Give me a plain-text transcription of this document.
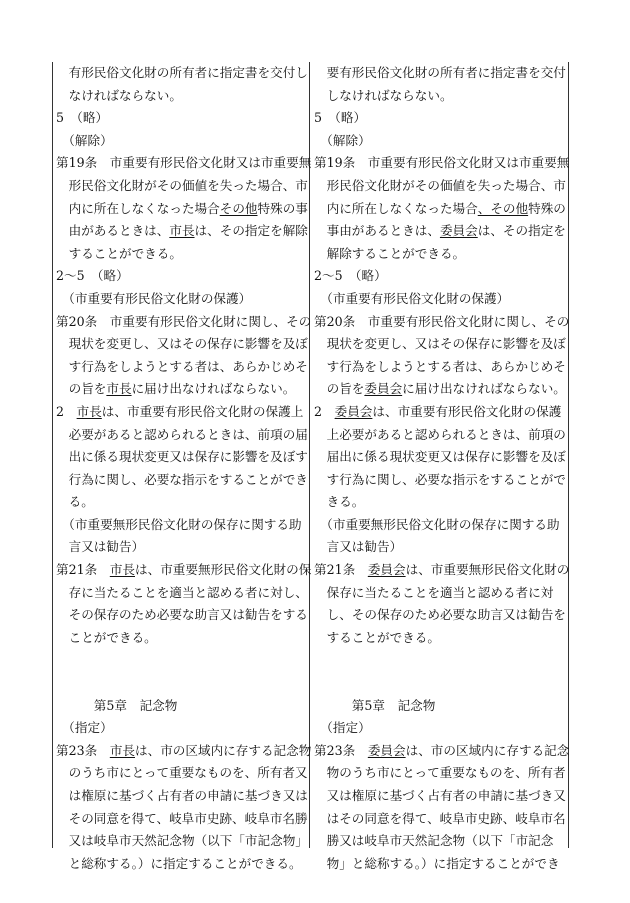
　有形民俗文化財の所有者に指定書を交付し
　なければならない。
5　（略）
　（解除）
第19条　市重要有形民俗文化財又は市重要無
　形民俗文化財がその価値を失った場合、市
　内に所在しなくなった場合その他特殊の事
　由があるときは、市長は、その指定を解除
　することができる。
2～5　（略）
　（市重要有形民俗文化財の保護）
第20条　市重要有形民俗文化財に関し、その
　現状を変更し、又はその保存に影響を及ぼ
　す行為をしようとする者は、あらかじめそ
　の旨を市長に届け出なければならない。
2　市長は、市重要有形民俗文化財の保護上
　必要があると認められるときは、前項の届
　出に係る現状変更又は保存に影響を及ぼす
　行為に関し、必要な指示をすることができ
　る。
　（市重要無形民俗文化財の保存に関する助
　言又は勧告）
第21条　市長は、市重要無形民俗文化財の保
　存に当たることを適当と認める者に対し、
　その保存のため必要な助言又は勧告をする
　ことができる。
　　　第5章　記念物
　（指定）
第23条　市長は、市の区域内に存する記念物
　のうち市にとって重要なものを、所有者又
　は権原に基づく占有者の申請に基づき又は
　その同意を得て、岐阜市史跡、岐阜市名勝
　又は岐阜市天然記念物（以下「市記念物」
　と総称する。）に指定することができる。
　要有形民俗文化財の所有者に指定書を交付
　しなければならない。
5　（略）
　（解除）
第19条　市重要有形民俗文化財又は市重要無
　形民俗文化財がその価値を失った場合、市
　内に所在しなくなった場合、その他特殊の
　事由があるときは、委員会は、その指定を
　解除することができる。
2～5　（略）
　（市重要有形民俗文化財の保護）
第20条　市重要有形民俗文化財に関し、その
　現状を変更し、又はその保存に影響を及ぼ
　す行為をしようとする者は、あらかじめそ
　の旨を委員会に届け出なければならない。
2　委員会は、市重要有形民俗文化財の保護
　上必要があると認められるときは、前項の
　届出に係る現状変更又は保存に影響を及ぼ
　す行為に関し、必要な指示をすることがで
　きる。
　（市重要無形民俗文化財の保存に関する助
　言又は勧告）
第21条　委員会は、市重要無形民俗文化財の
　保存に当たることを適当と認める者に対
　し、その保存のため必要な助言又は勧告を
　することができる。
　　　第5章　記念物
　（指定）
第23条　委員会は、市の区域内に存する記念
　物のうち市にとって重要なものを、所有者
　又は権原に基づく占有者の申請に基づき又
　はその同意を得て、岐阜市史跡、岐阜市名
　勝又は岐阜市天然記念物（以下「市記念
　物」と総称する。）に指定することができ
